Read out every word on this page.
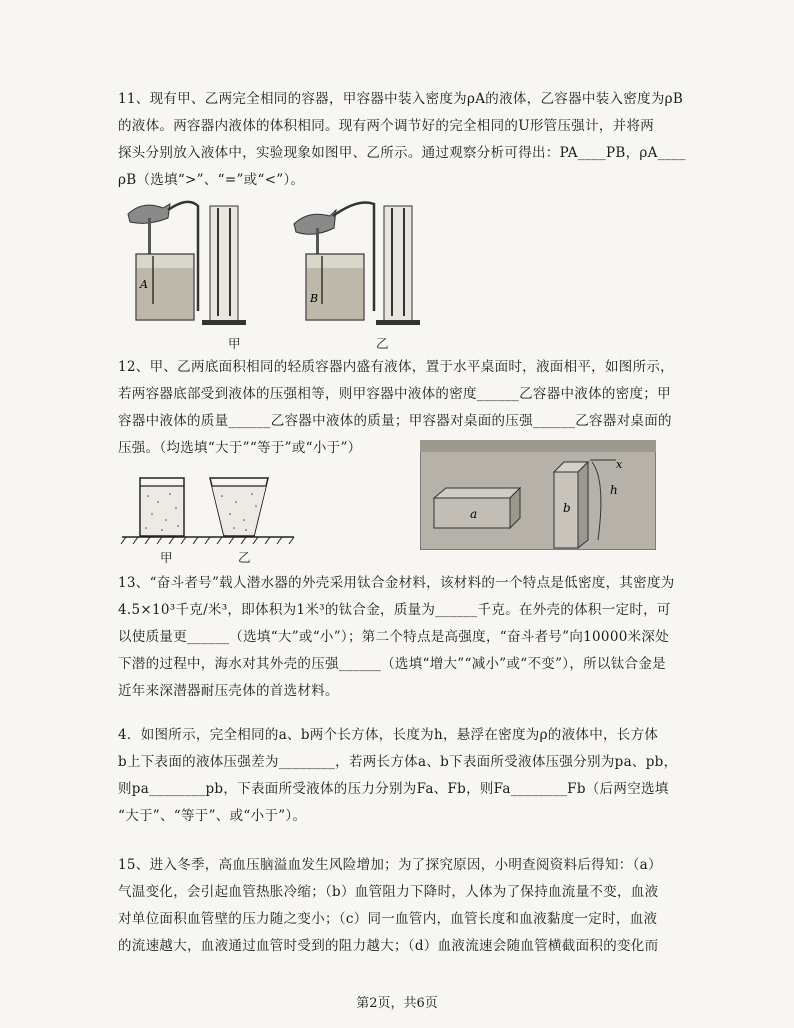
11、现有甲、乙两完全相同的容器，甲容器中装入密度为ρA的液体，乙容器中装入密度为ρB

的液体。两容器内液体的体积相同。现有两个调节好的完全相同的U形管压强计，并将两

探头分别放入液体中，实验现象如图甲、乙所示。通过观察分析可得出：PA____PB，ρA____

ρB（选填“>”、“=”或“<”）。

A
B
甲	乙

12、甲、乙两底面积相同的轻质容器内盛有液体，置于水平桌面时，液面相平，如图所示，

若两容器底部受到液体的压强相等，则甲容器中液体的密度______乙容器中液体的密度；甲

容器中液体的质量______乙容器中液体的质量；甲容器对桌面的压强______乙容器对桌面的

压强。（均选填“大于”“等于”或“小于”）

甲	乙
a	b
h
x

13、“奋斗者号”载人潜水器的外壳采用钛合金材料，该材料的一个特点是低密度，其密度为

4.5×10³千克/米³，即体积为1米³的钛合金，质量为______千克。在外壳的体积一定时，可

以使质量更______（选填“大”或“小”）；第二个特点是高强度，“奋斗者号”向10000米深处

下潜的过程中，海水对其外壳的压强______（选填“增大”“减小”或“不变”），所以钛合金是

近年来深潜器耐压壳体的首选材料。

4．如图所示，完全相同的a、b两个长方体，长度为h，悬浮在密度为ρ的液体中，长方体

b上下表面的液体压强差为________，若两长方体a、b下表面所受液体压强分别为pa、pb，

则pa________pb，下表面所受液体的压力分别为Fa、Fb，则Fa________Fb（后两空选填

“大于”、“等于”、或“小于”）。

15、进入冬季，高血压脑溢血发生风险增加；为了探究原因，小明查阅资料后得知：（a）

气温变化，会引起血管热胀冷缩；（b）血管阻力下降时，人体为了保持血流量不变，血液

对单位面积血管壁的压力随之变小；（c）同一血管内，血管长度和血液黏度一定时，血液

的流速越大，血液通过血管时受到的阻力越大；（d）血液流速会随血管横截面积的变化而

第2页，共6页
